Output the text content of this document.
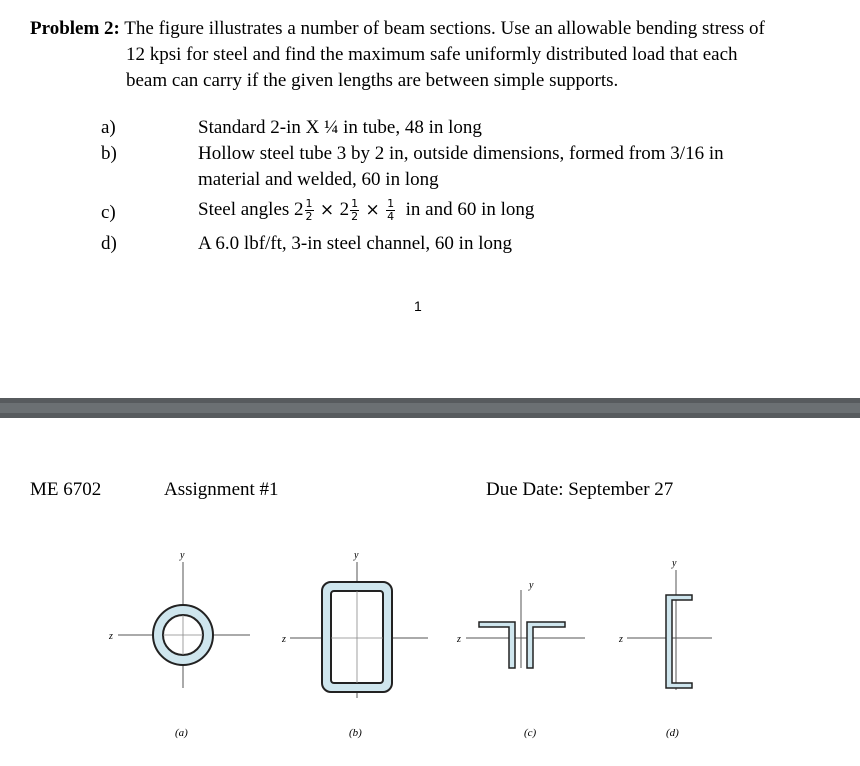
Problem 2: The figure illustrates a number of beam sections. Use an allowable bending stress of
12 kpsi for steel and find the maximum safe uniformly distributed load that each
beam can carry if the given lengths are between simple supports.
a)	Standard 2-in X ¼ in tube, 48 in long
b)	Hollow steel tube 3 by 2 in, outside dimensions, formed from 3/16 in
material and welded, 60 in long
c)	Steel angles $2 \frac{1}{2} \times 2 \frac{1}{2} \times \frac{1}{4}$ in and 60 in long
d)	A 6.0 lbf/ft, 3-in steel channel, 60 in long
1
ME 6702	Assignment #1	Due Date: September 27
y
z
(a)
y
z
(b)
y
z
(c)
y
z
(d)
